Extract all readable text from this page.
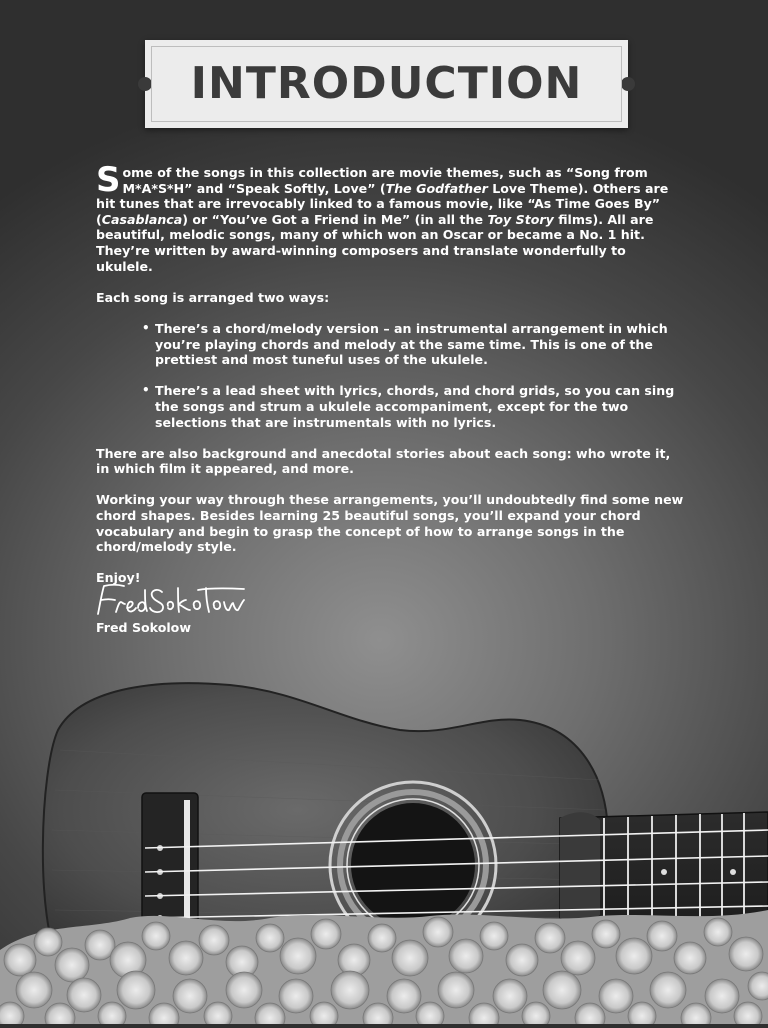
INTRODUCTION

Some of the songs in this collection are movie themes, such as “Song from M*A*S*H” and “Speak Softly, Love” (The Godfather Love Theme). Others are hit tunes that are irrevocably linked to a famous movie, like “As Time Goes By” (Casablanca) or “You’ve Got a Friend in Me” (in all the Toy Story films). All are beautiful, melodic songs, many of which won an Oscar or became a No. 1 hit. They’re written by award-winning composers and translate wonderfully to ukulele.

Each song is arranged two ways:

• There’s a chord/melody version – an instrumental arrangement in which you’re playing chords and melody at the same time. This is one of the prettiest and most tuneful uses of the ukulele.
• There’s a lead sheet with lyrics, chords, and chord grids, so you can sing the songs and strum a ukulele accompaniment, except for the two selections that are instrumentals with no lyrics.

There are also background and anecdotal stories about each song: who wrote it, in which film it appeared, and more.

Working your way through these arrangements, you’ll undoubtedly find some new chord shapes. Besides learning 25 beautiful songs, you’ll expand your chord vocabulary and begin to grasp the concept of how to arrange songs in the chord/melody style.

Enjoy!

Fred Sokolow
